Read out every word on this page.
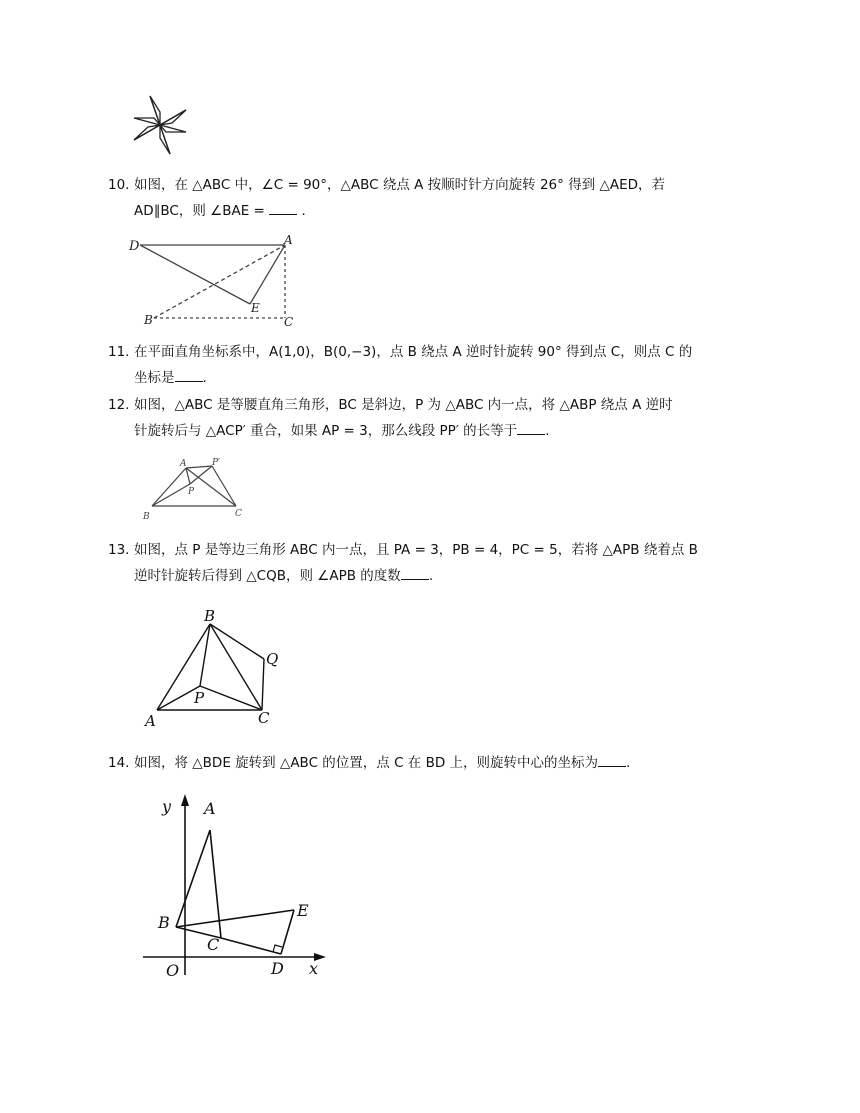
10. 如图，在 △ABC 中，∠C = 90°，△ABC 绕点 A 按顺时针方向旋转 26° 得到 △AED，若
AD∥BC，则 ∠BAE =  .
D	A
E
B	C
11. 在平面直角坐标系中，A(1,0)，B(0,−3)，点 B 绕点 A 逆时针旋转 90° 得到点 C，则点 C 的
坐标是 .
12. 如图，△ABC 是等腰直角三角形，BC 是斜边，P 为 △ABC 内一点，将 △ABP 绕点 A 逆时
针旋转后与 △ACP′ 重合，如果 AP = 3，那么线段 PP′ 的长等于 .
A	P′
P
B	C
13. 如图，点 P 是等边三角形 ABC 内一点，且 PA = 3，PB = 4，PC = 5，若将 △APB 绕着点 B
逆时针旋转后得到 △CQB，则 ∠APB 的度数 .
B
Q
P
A	C
14. 如图，将 △BDE 旋转到 △ABC 的位置，点 C 在 BD 上，则旋转中心的坐标为 .
y A
B
E
C
O	D x
